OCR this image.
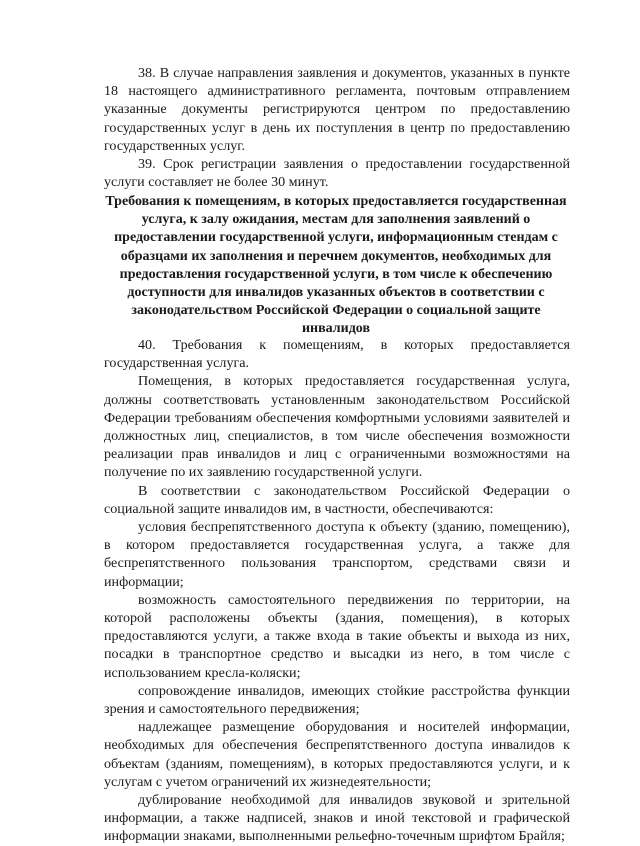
38. В случае направления заявления и документов, указанных в пункте 18 настоящего административного регламента, почтовым отправлением указанные документы регистрируются центром по предоставлению государственных услуг в день их поступления в центр по предоставлению государственных услуг.

39. Срок регистрации заявления о предоставлении государственной услуги составляет не более 30 минут.

Требования к помещениям, в которых предоставляется государственная услуга, к залу ожидания, местам для заполнения заявлений о предоставлении государственной услуги, информационным стендам с образцами их заполнения и перечнем документов, необходимых для предоставления государственной услуги, в том числе к обеспечению доступности для инвалидов указанных объектов в соответствии с законодательством Российской Федерации о социальной защите инвалидов

40. Требования к помещениям, в которых предоставляется государственная услуга.

Помещения, в которых предоставляется государственная услуга, должны соответствовать установленным законодательством Российской Федерации требованиям обеспечения комфортными условиями заявителей и должностных лиц, специалистов, в том числе обеспечения возможности реализации прав инвалидов и лиц с ограниченными возможностями на получение по их заявлению государственной услуги.

В соответствии с законодательством Российской Федерации о социальной защите инвалидов им, в частности, обеспечиваются:

условия беспрепятственного доступа к объекту (зданию, помещению), в котором предоставляется государственная услуга, а также для беспрепятственного пользования транспортом, средствами связи и информации;

возможность самостоятельного передвижения по территории, на которой расположены объекты (здания, помещения), в которых предоставляются услуги, а также входа в такие объекты и выхода из них, посадки в транспортное средство и высадки из него, в том числе с использованием кресла-коляски;

сопровождение инвалидов, имеющих стойкие расстройства функции зрения и самостоятельного передвижения;

надлежащее размещение оборудования и носителей информации, необходимых для обеспечения беспрепятственного доступа инвалидов к объектам (зданиям, помещениям), в которых предоставляются услуги, и к услугам с учетом ограничений их жизнедеятельности;

дублирование необходимой для инвалидов звуковой и зрительной информации, а также надписей, знаков и иной текстовой и графической информации знаками, выполненными рельефно-точечным шрифтом Брайля;
